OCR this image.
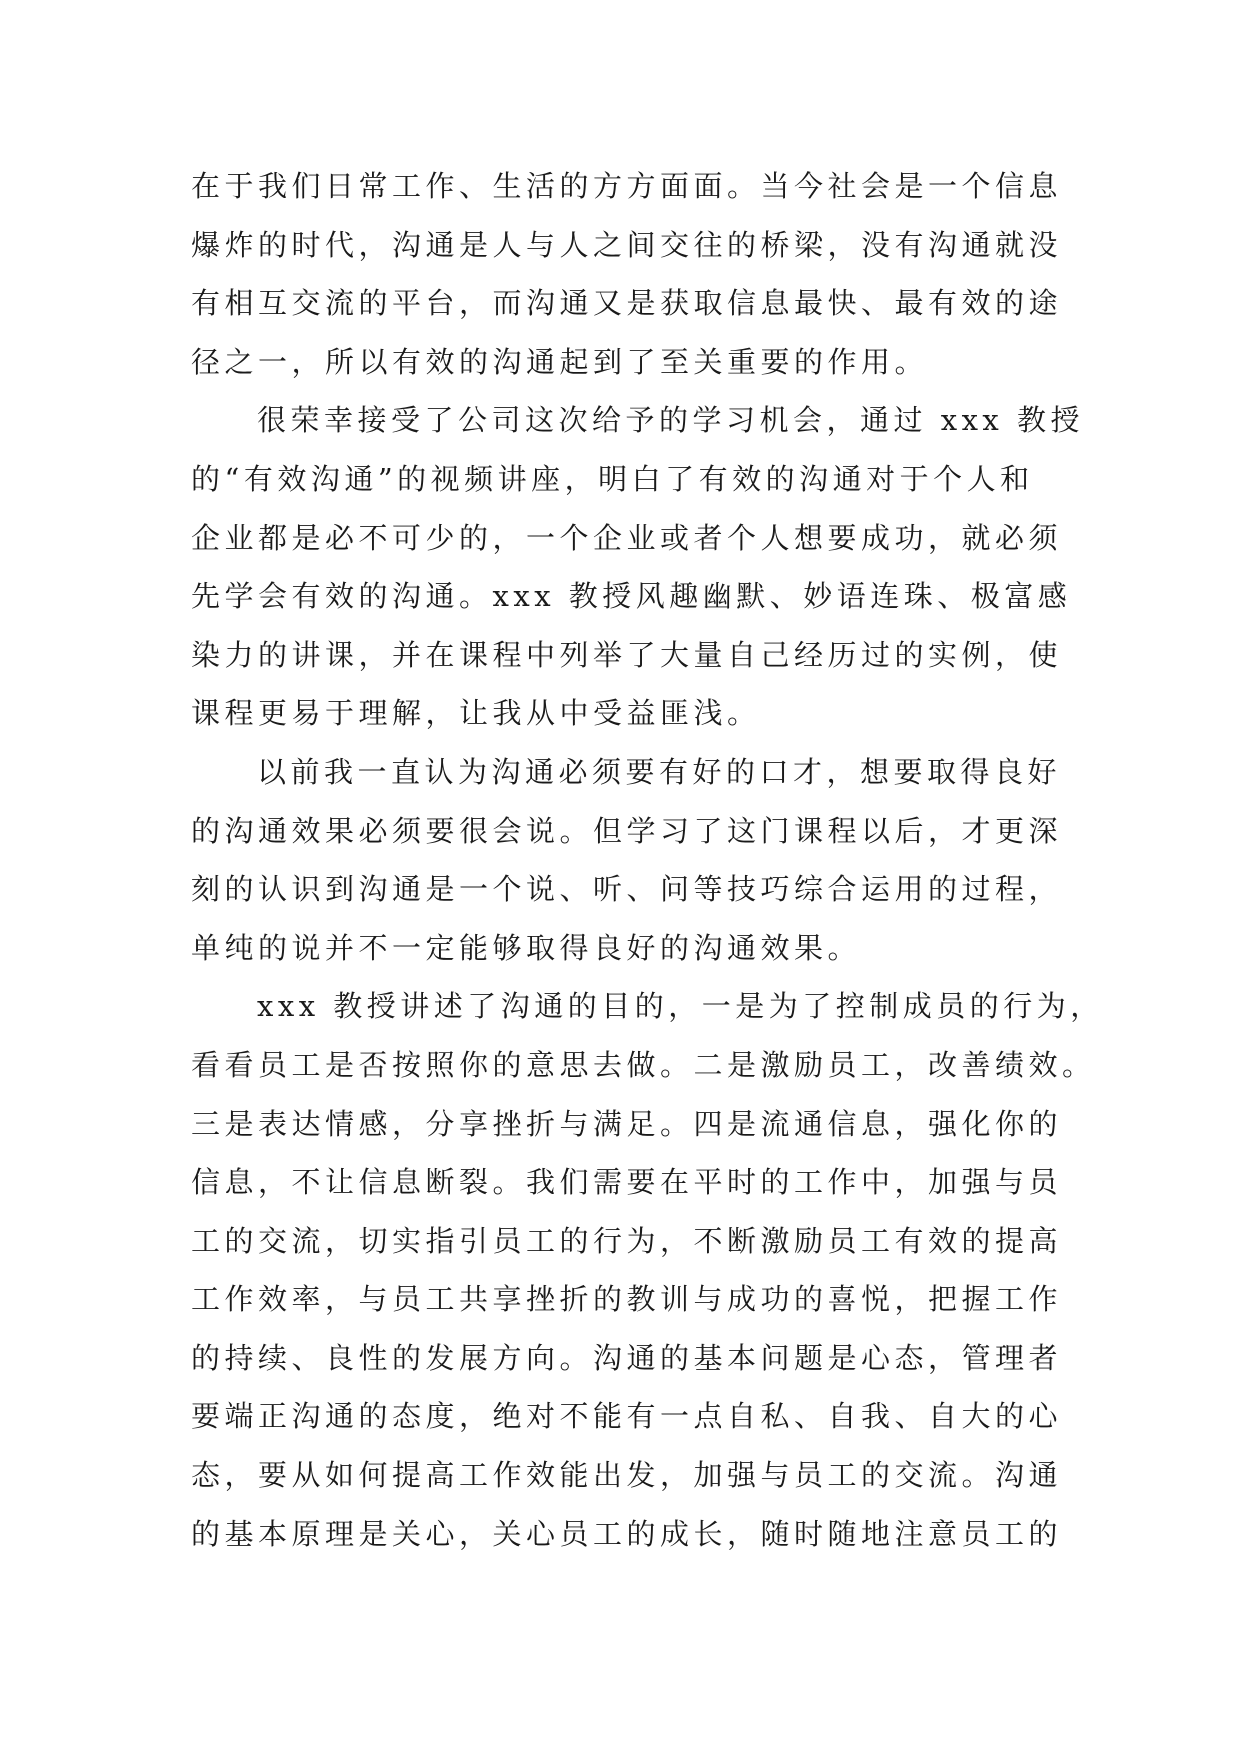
在于我们日常工作、生活的方方面面。当今社会是一个信息
爆炸的时代，沟通是人与人之间交往的桥梁，没有沟通就没
有相互交流的平台，而沟通又是获取信息最快、最有效的途
径之一，所以有效的沟通起到了至关重要的作用。
很荣幸接受了公司这次给予的学习机会，通过 xxx 教授
的“有效沟通”的视频讲座，明白了有效的沟通对于个人和
企业都是必不可少的，一个企业或者个人想要成功，就必须
先学会有效的沟通。xxx 教授风趣幽默、妙语连珠、极富感
染力的讲课，并在课程中列举了大量自己经历过的实例，使
课程更易于理解，让我从中受益匪浅。
以前我一直认为沟通必须要有好的口才，想要取得良好
的沟通效果必须要很会说。但学习了这门课程以后，才更深
刻的认识到沟通是一个说、听、问等技巧综合运用的过程，
单纯的说并不一定能够取得良好的沟通效果。
xxx 教授讲述了沟通的目的，一是为了控制成员的行为，
看看员工是否按照你的意思去做。二是激励员工，改善绩效。
三是表达情感，分享挫折与满足。四是流通信息，强化你的
信息，不让信息断裂。我们需要在平时的工作中，加强与员
工的交流，切实指引员工的行为，不断激励员工有效的提高
工作效率，与员工共享挫折的教训与成功的喜悦，把握工作
的持续、良性的发展方向。沟通的基本问题是心态，管理者
要端正沟通的态度，绝对不能有一点自私、自我、自大的心
态，要从如何提高工作效能出发，加强与员工的交流。沟通
的基本原理是关心，关心员工的成长，随时随地注意员工的
